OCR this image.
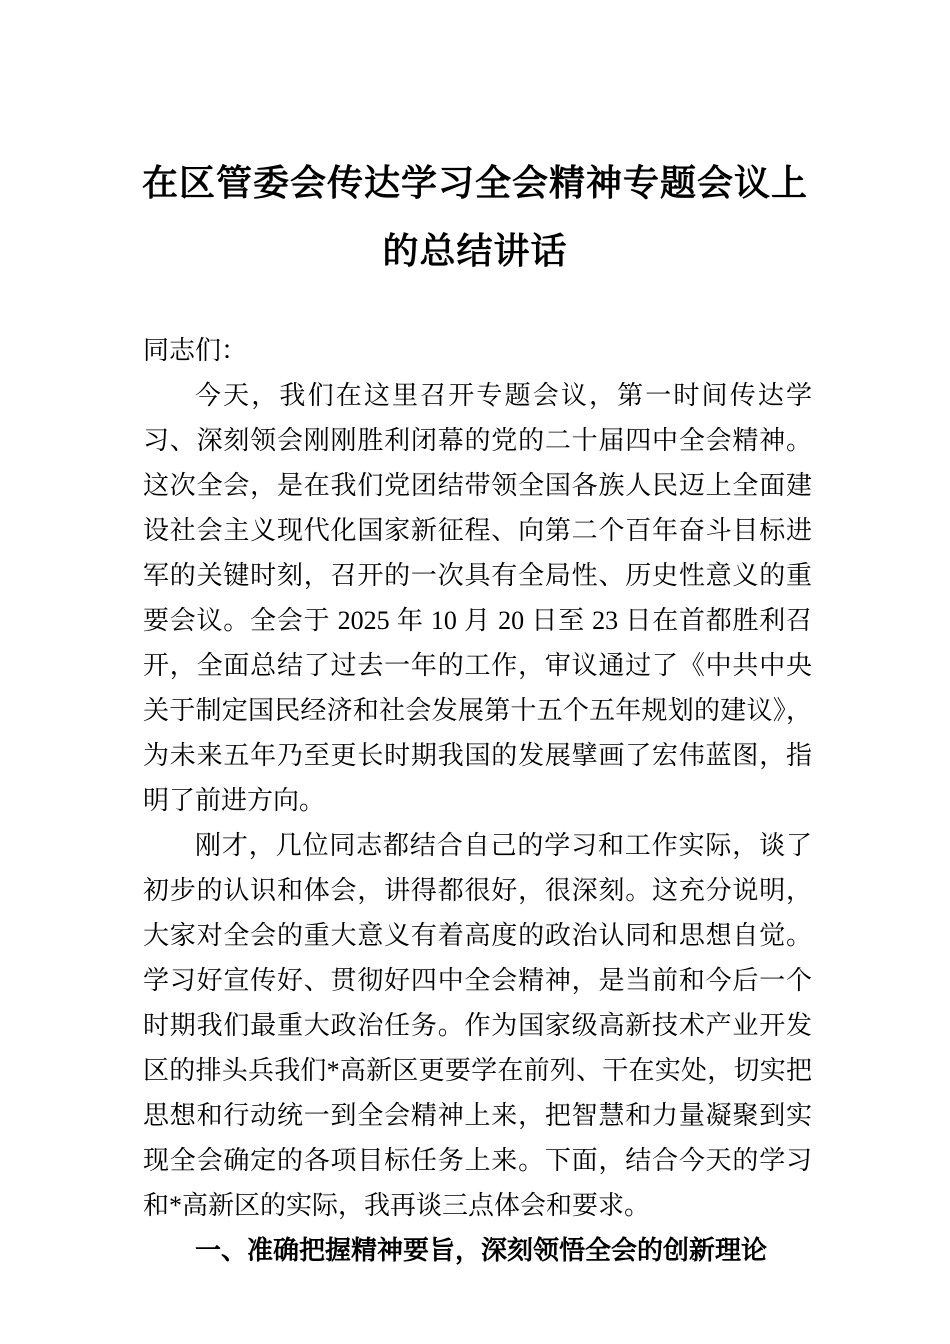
在区管委会传达学习全会精神专题会议上
的总结讲话

同志们：

今天，我们在这里召开专题会议，第一时间传达学习、深刻领会刚刚胜利闭幕的党的二十届四中全会精神。这次全会，是在我们党团结带领全国各族人民迈上全面建设社会主义现代化国家新征程、向第二个百年奋斗目标进军的关键时刻，召开的一次具有全局性、历史性意义的重要会议。全会于 2025 年 10 月 20 日至 23 日在首都胜利召开，全面总结了过去一年的工作，审议通过了《中共中央关于制定国民经济和社会发展第十五个五年规划的建议》，为未来五年乃至更长时期我国的发展擘画了宏伟蓝图，指明了前进方向。

刚才，几位同志都结合自己的学习和工作实际，谈了初步的认识和体会，讲得都很好，很深刻。这充分说明，大家对全会的重大意义有着高度的政治认同和思想自觉。学习好宣传好、贯彻好四中全会精神，是当前和今后一个时期我们最重大政治任务。作为国家级高新技术产业开发区的排头兵我们*高新区更要学在前列、干在实处，切实把思想和行动统一到全会精神上来，把智慧和力量凝聚到实现全会确定的各项目标任务上来。下面，结合今天的学习和*高新区的实际，我再谈三点体会和要求。

一、准确把握精神要旨，深刻领悟全会的创新理论
